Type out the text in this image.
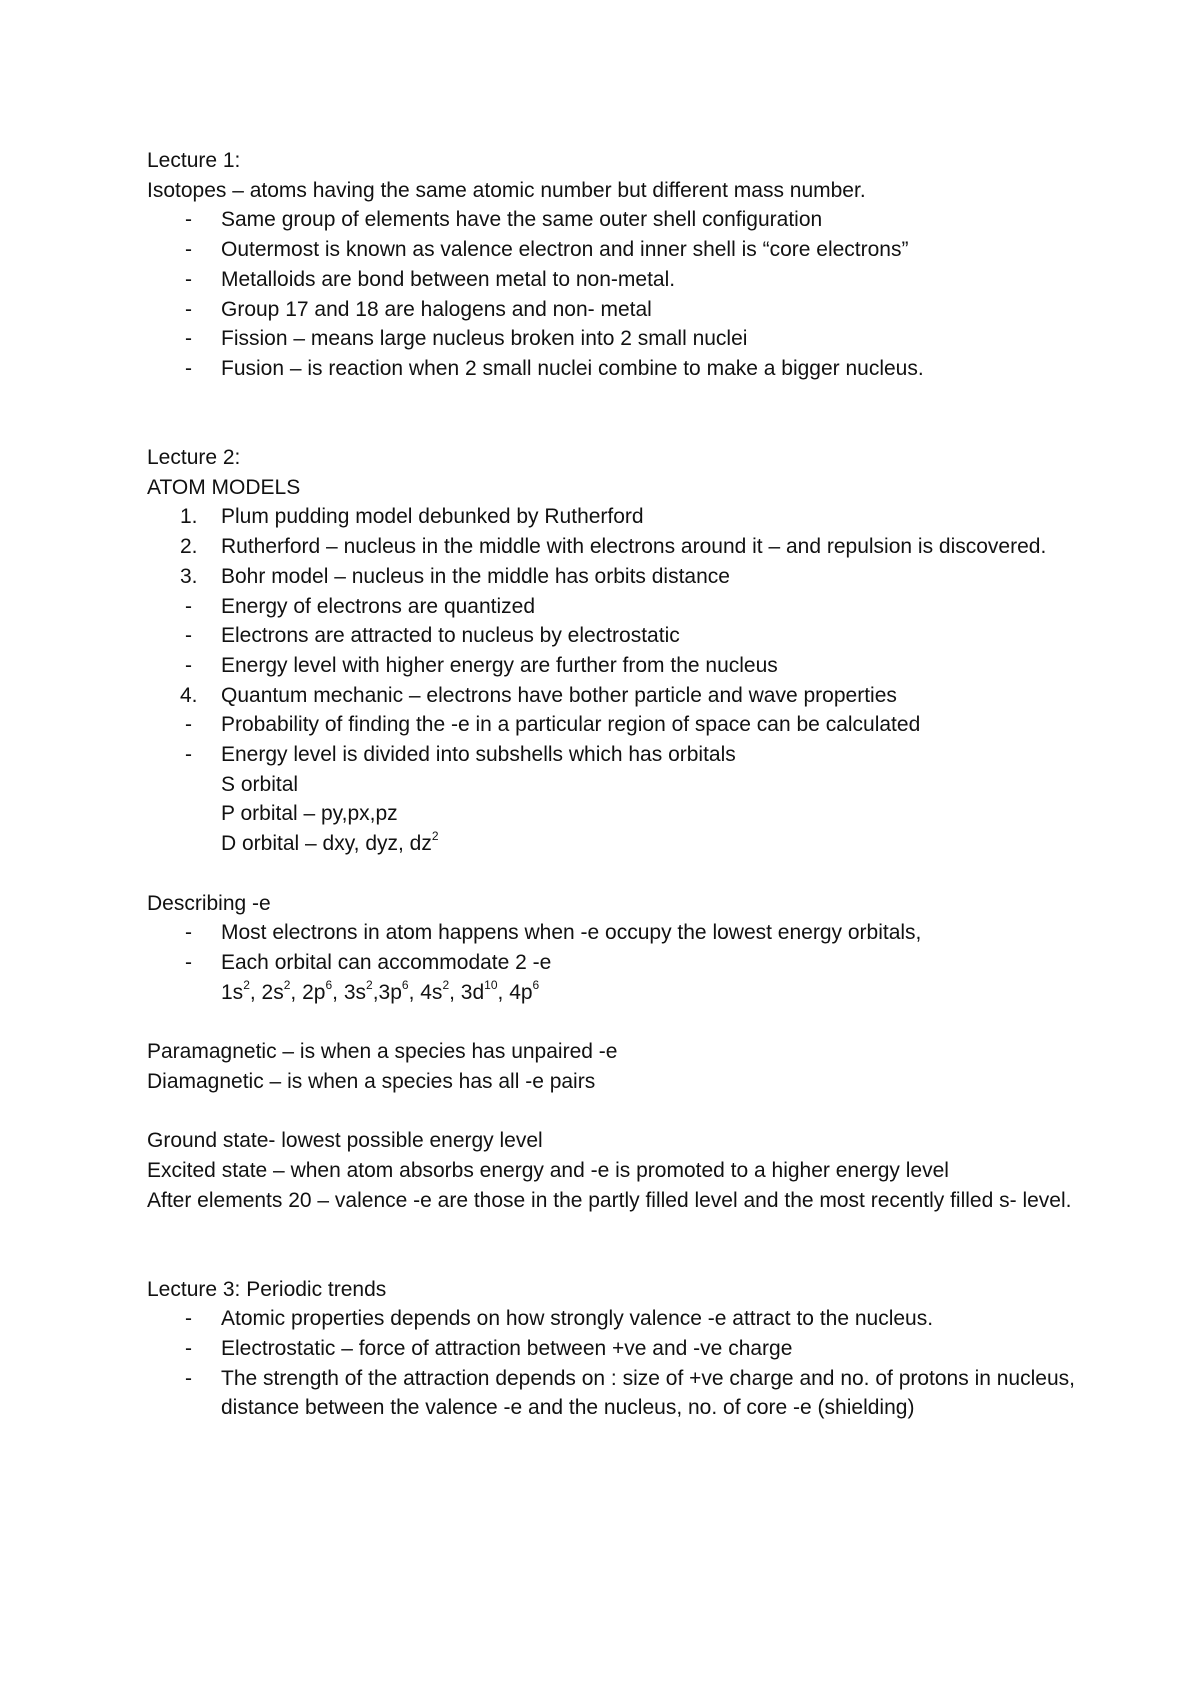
Lecture 1:
Isotopes – atoms having the same atomic number but different mass number.
-	Same group of elements have the same outer shell configuration
-	Outermost is known as valence electron and inner shell is “core electrons”
-	Metalloids are bond between metal to non-metal.
-	Group 17 and 18 are halogens and non- metal
-	Fission – means large nucleus broken into 2 small nuclei
-	Fusion – is reaction when 2 small nuclei combine to make a bigger nucleus.
Lecture 2:
ATOM MODELS
1.	Plum pudding model debunked by Rutherford
2.	Rutherford – nucleus in the middle with electrons around it – and repulsion is discovered.
3.	Bohr model – nucleus in the middle has orbits distance
-	Energy of electrons are quantized
-	Electrons are attracted to nucleus by electrostatic
-	Energy level with higher energy are further from the nucleus
4.	Quantum mechanic – electrons have bother particle and wave properties
-	Probability of finding the -e in a particular region of space can be calculated
-	Energy level is divided into subshells which has orbitals
S orbital
P orbital – py,px,pz
D orbital – dxy, dyz, $dz^2$
Describing -e
-	Most electrons in atom happens when -e occupy the lowest energy orbitals,
-	Each orbital can accommodate 2 -e
$1s^2$, $2s^2$, $2p^6$, $3s^2,3p^6$, $4s^2$, $3d^{10}$, $4p^6$
Paramagnetic – is when a species has unpaired -e
Diamagnetic – is when a species has all -e pairs
Ground state- lowest possible energy level
Excited state – when atom absorbs energy and -e is promoted to a higher energy level
After elements 20 – valence -e are those in the partly filled level and the most recently filled s- level.
Lecture 3: Periodic trends
-	Atomic properties depends on how strongly valence -e attract to the nucleus.
-	Electrostatic – force of attraction between +ve and -ve charge
-	The strength of the attraction depends on : size of +ve charge and no. of protons in nucleus, distance between the valence -e and the nucleus, no. of core -e (shielding)
